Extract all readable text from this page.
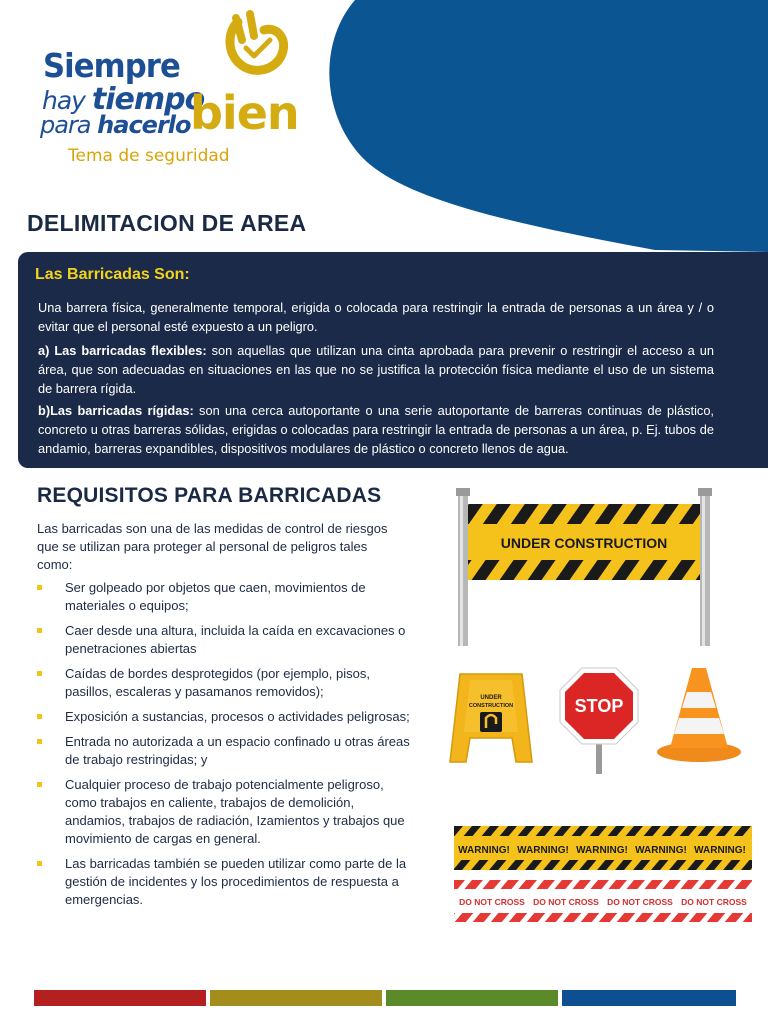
Siempre
hay tiempo
para hacerlo bien
Tema de seguridad
DELIMITACION DE AREA
Las Barricadas Son:

Una barrera física, generalmente temporal, erigida o colocada para restringir la entrada de personas a un área y / o evitar que el personal esté expuesto a un peligro.

a) Las barricadas flexibles: son aquellas que utilizan una cinta aprobada para prevenir o restringir el acceso a un área, que son adecuadas en situaciones en las que no se justifica la protección física mediante el uso de un sistema de barrera rígida.

b)Las barricadas rígidas: son una cerca autoportante o una serie autoportante de barreras continuas de plástico, concreto u otras barreras sólidas, erigidas o colocadas para restringir la entrada de personas a un área, p. Ej. tubos de andamio, barreras expandibles, dispositivos modulares de plástico o concreto llenos de agua.

REQUISITOS PARA BARRICADAS

Las barricadas son una de las medidas de control de riesgos que se utilizan para proteger al personal de peligros tales como:

Ser golpeado por objetos que caen, movimientos de materiales o equipos;
Caer desde una altura, incluida la caída en excavaciones o penetraciones abiertas
Caídas de bordes desprotegidos (por ejemplo, pisos, pasillos, escaleras y pasamanos removidos);
Exposición a sustancias, procesos o actividades peligrosas;
Entrada no autorizada a un espacio confinado u otras áreas de trabajo restringidas; y
Cualquier proceso de trabajo potencialmente peligroso, como trabajos en caliente, trabajos de demolición, andamios, trabajos de radiación, Izamientos y trabajos que movimiento de cargas en general.
Las barricadas también se pueden utilizar como parte de la gestión de incidentes y los procedimientos de respuesta a emergencias.
UNDER CONSTRUCTION
UNDER
CONSTRUCTION	STOP
WARNING! WARNING! WARNING! WARNING! WARNING!
DO NOT CROSS DO NOT CROSS DO NOT CROSS DO NOT CROSS
